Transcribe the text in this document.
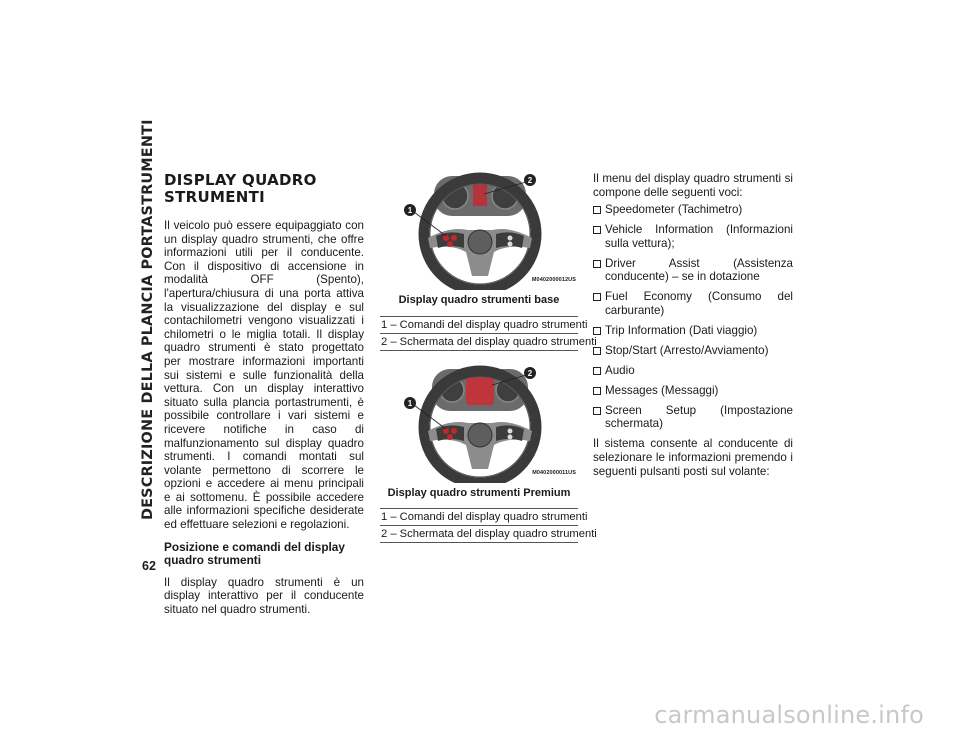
DESCRIZIONE DELLA PLANCIA PORTASTRUMENTI DISPLAY QUADRO
STRUMENTI

Il veicolo può essere equipaggiato con un display quadro strumenti, che offre informazioni utili per il conducente. Con il dispositivo di accensione in modalità OFF (Spento), l'apertura/chiusura di una porta attiva la visualizzazione del display e sul contachilometri vengono visualizzati i chilometri o le miglia totali. Il display quadro strumenti è stato progettato per mostrare informazioni importanti sui sistemi e sulle funzionalità della vettura. Con un display interattivo situato sulla plancia portastrumenti, è possibile controllare i vari sistemi e ricevere notifiche in caso di malfunzionamento sul display quadro strumenti. I comandi montati sul volante permettono di scorrere le opzioni e accedere ai menu principali e ai sottomenu. È possibile accedere alle informazioni specifiche desiderate ed effettuare selezioni e regolazioni.

Posizione e comandi del display quadro strumenti

Il display quadro strumenti è un display interattivo per il conducente situato nel quadro strumenti.

1
2
M0402000012US
Display quadro strumenti base
1 – Comandi del display quadro strumenti
2 – Schermata del display quadro strumenti
1
2
M0402000011US
Display quadro strumenti Premium
1 – Comandi del display quadro strumenti
2 – Schermata del display quadro strumenti

Il menu del display quadro strumenti si compone delle seguenti voci:

Speedometer (Tachimetro)
Vehicle Information (Informazioni sulla vettura);
Driver Assist (Assistenza conducente) – se in dotazione
Fuel Economy (Consumo del carburante)
Trip Information (Dati viaggio)
Stop/Start (Arresto/Avviamento)
Audio
Messages (Messaggi)
Screen Setup (Impostazione schermata)

Il sistema consente al conducente di selezionare le informazioni premendo i seguenti pulsanti posti sul volante:

62
carmanualsonline.info
